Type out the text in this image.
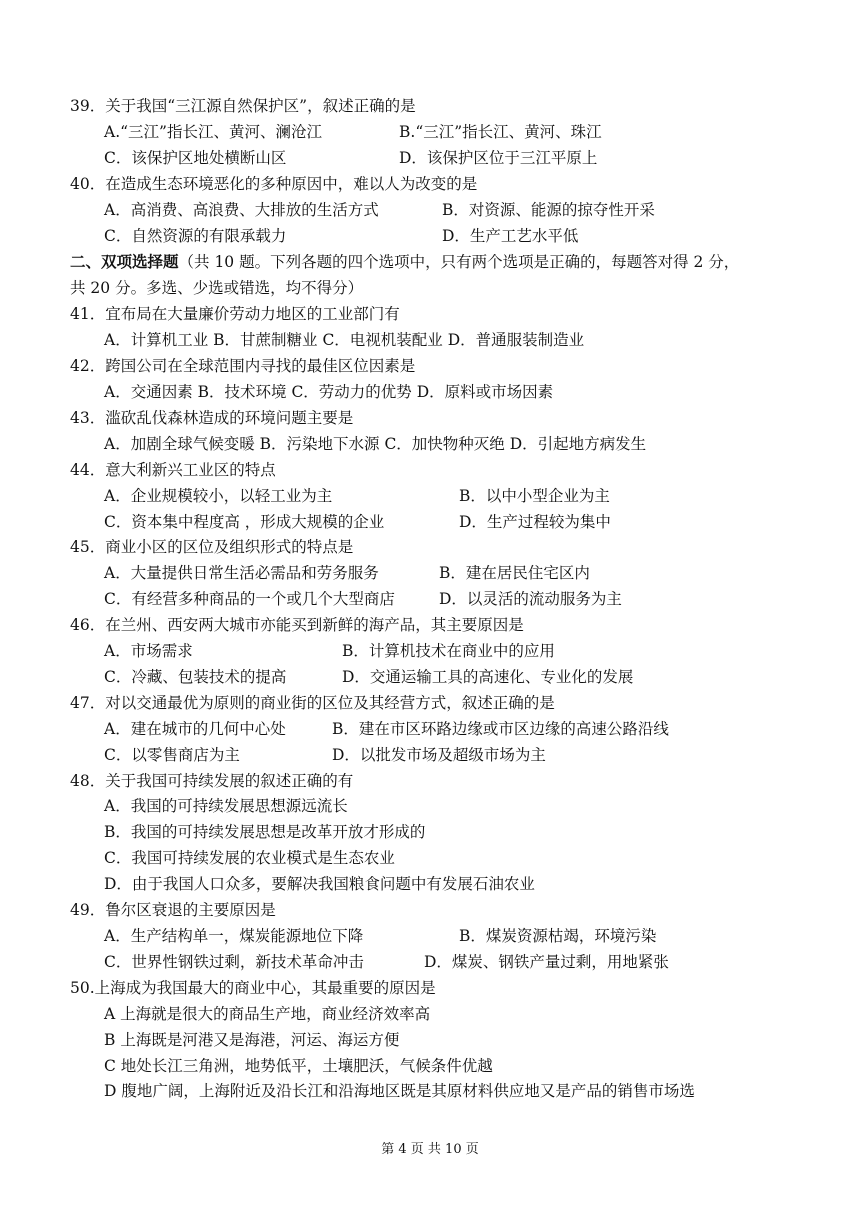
39．关于我国“三江源自然保护区”，叙述正确的是
A.“三江”指长江、黄河、澜沧江	B.“三江”指长江、黄河、珠江
C．该保护区地处横断山区	D．该保护区位于三江平原上
40．在造成生态环境恶化的多种原因中，难以人为改变的是
A．高消费、高浪费、大排放的生活方式	B．对资源、能源的掠夺性开采
C．自然资源的有限承载力	D．生产工艺水平低
二、双项选择题（共 10 题。下列各题的四个选项中，只有两个选项是正确的，每题答对得 2 分，
共 20 分。多选、少选或错选，均不得分）
41．宜布局在大量廉价劳动力地区的工业部门有
A．计算机工业 B．甘蔗制糖业 C．电视机装配业 D．普通服装制造业
42．跨国公司在全球范围内寻找的最佳区位因素是
A．交通因素 B．技术环境 C．劳动力的优势 D．原料或市场因素
43．滥砍乱伐森林造成的环境问题主要是
A．加剧全球气候变暖 B．污染地下水源 C．加快物种灭绝 D．引起地方病发生
44．意大利新兴工业区的特点
A．企业规模较小，以轻工业为主	B．以中小型企业为主
C．资本集中程度高 ，形成大规模的企业	D．生产过程较为集中
45．商业小区的区位及组织形式的特点是
A．大量提供日常生活必需品和劳务服务	B．建在居民住宅区内
C．有经营多种商品的一个或几个大型商店	D．以灵活的流动服务为主
46．在兰州、西安两大城市亦能买到新鲜的海产品，其主要原因是
A．市场需求	B．计算机技术在商业中的应用
C．冷藏、包装技术的提高	D．交通运输工具的高速化、专业化的发展
47．对以交通最优为原则的商业街的区位及其经营方式，叙述正确的是
A．建在城市的几何中心处	B．建在市区环路边缘或市区边缘的高速公路沿线
C．以零售商店为主	D．以批发市场及超级市场为主
48．关于我国可持续发展的叙述正确的有
A．我国的可持续发展思想源远流长
B．我国的可持续发展思想是改革开放才形成的
C．我国可持续发展的农业模式是生态农业
D．由于我国人口众多，要解决我国粮食问题中有发展石油农业
49．鲁尔区衰退的主要原因是
A．生产结构单一，煤炭能源地位下降	B．煤炭资源枯竭，环境污染
C．世界性钢铁过剩，新技术革命冲击	D．煤炭、钢铁产量过剩，用地紧张
50.上海成为我国最大的商业中心，其最重要的原因是
A 上海就是很大的商品生产地，商业经济效率高
B 上海既是河港又是海港，河运、海运方便
C 地处长江三角洲，地势低平，土壤肥沃，气候条件优越
D 腹地广阔，上海附近及沿长江和沿海地区既是其原材料供应地又是产品的销售市场选
第 4 页 共 10 页
